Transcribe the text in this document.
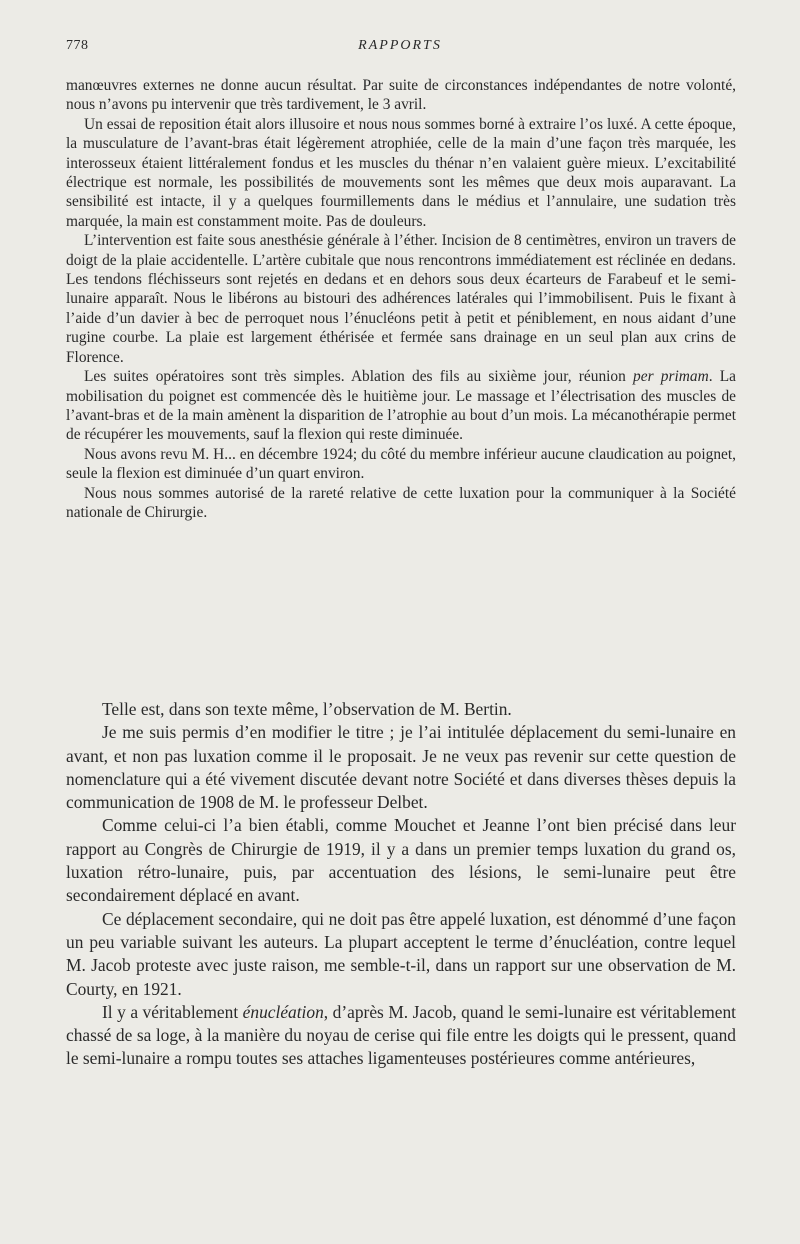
778	RAPPORTS

manœuvres externes ne donne aucun résultat. Par suite de circonstances indépendantes de notre volonté, nous n’avons pu intervenir que très tardivement, le 3 avril.

Un essai de reposition était alors illusoire et nous nous sommes borné à extraire l’os luxé. A cette époque, la musculature de l’avant-bras était légèrement atrophiée, celle de la main d’une façon très marquée, les interosseux étaient littéralement fondus et les muscles du thénar n’en valaient guère mieux. L’excitabilité électrique est normale, les possibilités de mouvements sont les mêmes que deux mois auparavant. La sensibilité est intacte, il y a quelques fourmillements dans le médius et l’annulaire, une sudation très marquée, la main est constamment moite. Pas de douleurs.

L’intervention est faite sous anesthésie générale à l’éther. Incision de 8 centimètres, environ un travers de doigt de la plaie accidentelle. L’artère cubitale que nous rencontrons immédiatement est réclinée en dedans. Les tendons fléchisseurs sont rejetés en dedans et en dehors sous deux écarteurs de Farabeuf et le semi-lunaire apparaît. Nous le libérons au bistouri des adhérences latérales qui l’immobilisent. Puis le fixant à l’aide d’un davier à bec de perroquet nous l’énucléons petit à petit et péniblement, en nous aidant d’une rugine courbe. La plaie est largement éthérisée et fermée sans drainage en un seul plan aux crins de Florence.

Les suites opératoires sont très simples. Ablation des fils au sixième jour, réunion per primam. La mobilisation du poignet est commencée dès le huitième jour. Le massage et l’électrisation des muscles de l’avant-bras et de la main amènent la disparition de l’atrophie au bout d’un mois. La mécanothérapie permet de récupérer les mouvements, sauf la flexion qui reste diminuée.

Nous avons revu M. H... en décembre 1924; du côté du membre inférieur aucune claudication au poignet, seule la flexion est diminuée d’un quart environ.

Nous nous sommes autorisé de la rareté relative de cette luxation pour la communiquer à la Société nationale de Chirurgie.

Telle est, dans son texte même, l’observation de M. Bertin.

Je me suis permis d’en modifier le titre ; je l’ai intitulée déplacement du semi-lunaire en avant, et non pas luxation comme il le proposait. Je ne veux pas revenir sur cette question de nomenclature qui a été vivement discutée devant notre Société et dans diverses thèses depuis la communication de 1908 de M. le professeur Delbet.

Comme celui-ci l’a bien établi, comme Mouchet et Jeanne l’ont bien précisé dans leur rapport au Congrès de Chirurgie de 1919, il y a dans un premier temps luxation du grand os, luxation rétro-lunaire, puis, par accentuation des lésions, le semi-lunaire peut être secondairement déplacé en avant.

Ce déplacement secondaire, qui ne doit pas être appelé luxation, est dénommé d’une façon un peu variable suivant les auteurs. La plupart acceptent le terme d’énucléation, contre lequel M. Jacob proteste avec juste raison, me semble-t-il, dans un rapport sur une observation de M. Courty, en 1921.

Il y a véritablement énucléation, d’après M. Jacob, quand le semi-lunaire est véritablement chassé de sa loge, à la manière du noyau de cerise qui file entre les doigts qui le pressent, quand le semi-lunaire a rompu toutes ses attaches ligamenteuses postérieures comme antérieures,
